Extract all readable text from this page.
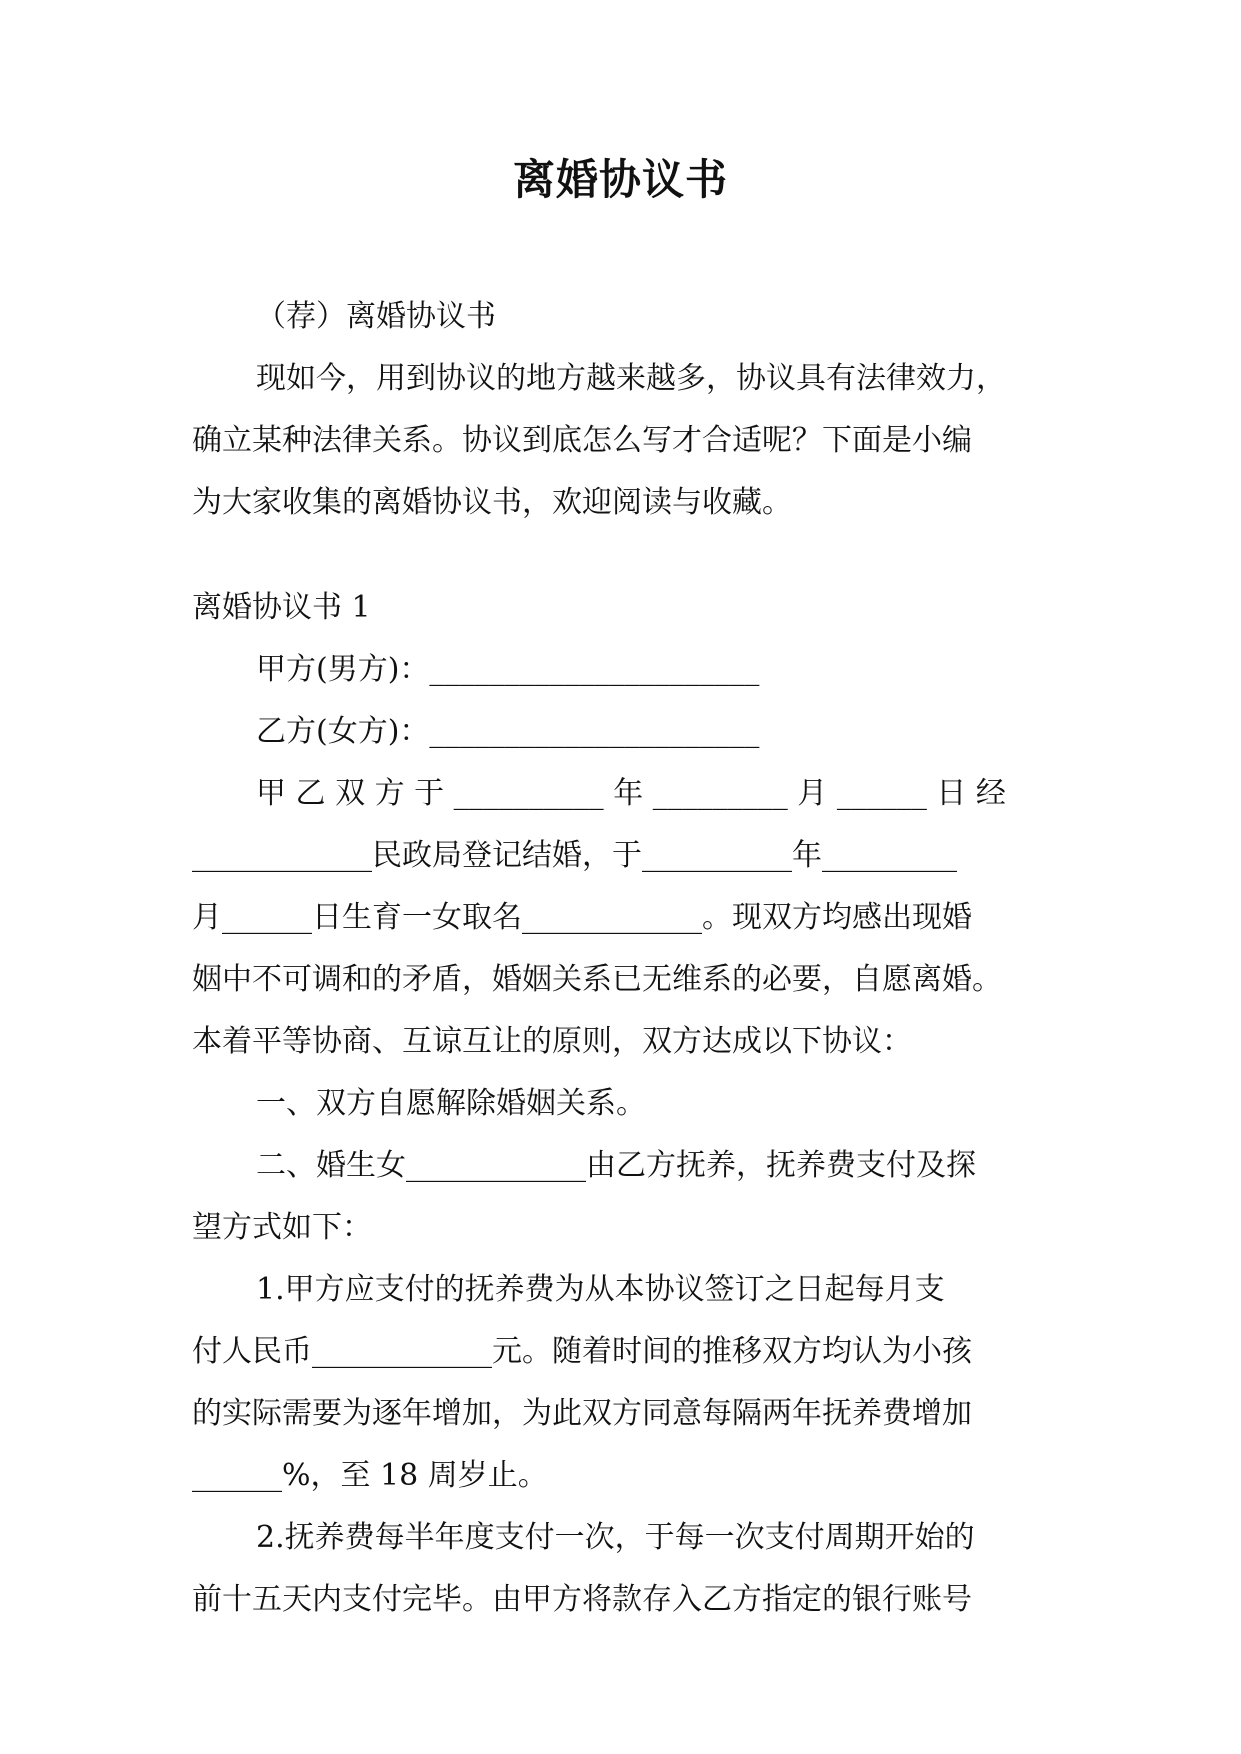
离婚协议书
（荐）离婚协议书
现如今，用到协议的地方越来越多，协议具有法律效力，
确立某种法律关系。协议到底怎么写才合适呢？下面是小编
为大家收集的离婚协议书，欢迎阅读与收藏。
离婚协议书 1
甲方(男方)：______________________
乙方(女方)：______________________
甲 乙 双 方 于 __________ 年 _________ 月 ______ 日 经
____________民政局登记结婚，于__________年_________
月______日生育一女取名____________。现双方均感出现婚
姻中不可调和的矛盾，婚姻关系已无维系的必要，自愿离婚。
本着平等协商、互谅互让的原则，双方达成以下协议：
一、双方自愿解除婚姻关系。
二、婚生女____________由乙方抚养，抚养费支付及探
望方式如下：
1.甲方应支付的抚养费为从本协议签订之日起每月支
付人民币____________元。随着时间的推移双方均认为小孩
的实际需要为逐年增加，为此双方同意每隔两年抚养费增加
______%，至 18 周岁止。
2.抚养费每半年度支付一次，于每一次支付周期开始的
前十五天内支付完毕。由甲方将款存入乙方指定的银行账号
